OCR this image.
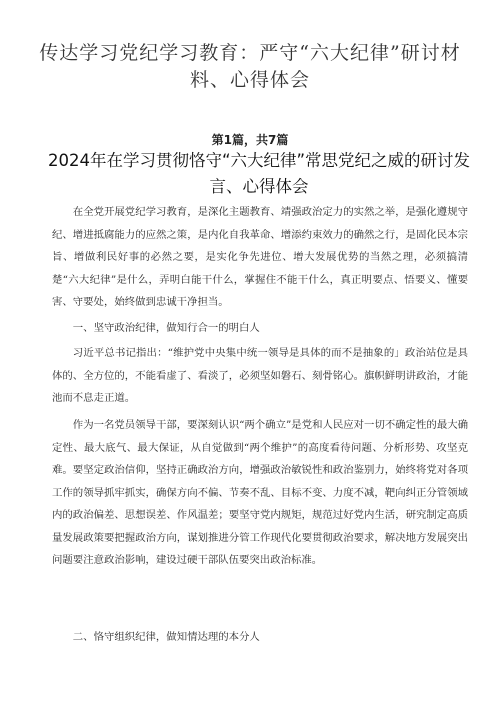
传达学习党纪学习教育：严守“六大纪律”研讨材料、心得体会
第1篇，共7篇
2024年在学习贯彻恪守“六大纪律”常思党纪之威的研讨发言、心得体会

在全党开展党纪学习教育，是深化主题教育、靖强政治定力的实然之举，是强化遵规守纪、增进抵腐能力的应然之策，是内化自我革命、增添约束效力的确然之行，是固化民本宗旨、增做利民好事的必然之要，是实化争先进位、增大发展优势的当然之理，必须搞清楚“六大纪律”是什么，弄明白能干什么，掌握住不能干什么，真正明要点、悟要义、懂要害、守要处，始终做到忠诚干净担当。

一、坚守政治纪律，做知行合一的明白人

习近平总书记指出：“维护党中央集中统一领导是具体的而不是抽象的」政治站位是具体的、全方位的，不能看虚了、看淡了，必须坚如磐石、刻骨铭心。旗帜鲜明讲政治，才能池而不息走正道。

作为一名党员领导干部，要深刻认识“两个确立”是党和人民应对一切不确定性的最大确定性、最大底气、最大保证，从自觉做到“两个维护”的高度看待问题、分析形势、攻坚克难。要坚定政治信仰，坚持正确政治方向，增强政治敏锐性和政治鉴别力，始终将党对各项工作的领导抓牢抓实，确保方向不偏、节奏不乱、目标不变、力度不减，靶向纠正分管领域内的政治偏差、思想误差、作风温差；要坚守党内规矩，规范过好党内生活，研究制定高质量发展政策要把握政治方向，谋划推进分管工作现代化要贯彻政治要求，解决地方发展突出问题要注意政治影响，建设过硬干部队伍要突出政治标准。

二、恪守组织纪律，做知情达理的本分人
